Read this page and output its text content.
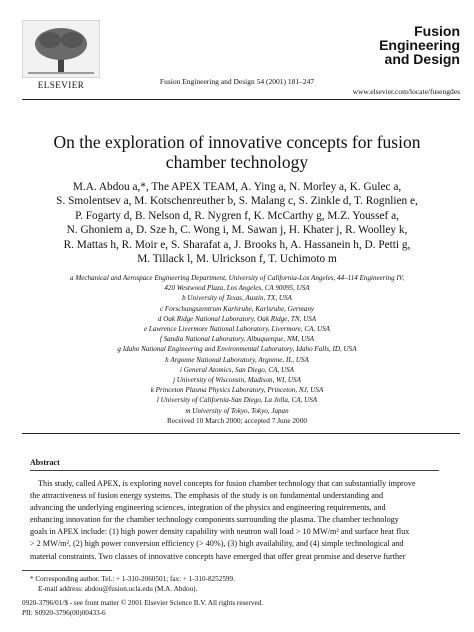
ELSEVIER	Fusion Engineering and Design 54 (2001) 181–247
Fusion
Engineering
and Design
www.elsevier.com/locate/fusengdes
On the exploration of innovative concepts for fusion
chamber technology
M.A. Abdou a,*, The APEX TEAM, A. Ying a, N. Morley a, K. Gulec a,
S. Smolentsev a, M. Kotschenreuther b, S. Malang c, S. Zinkle d, T. Rognlien e,
P. Fogarty d, B. Nelson d, R. Nygren f, K. McCarthy g, M.Z. Youssef a,
N. Ghoniem a, D. Sze h, C. Wong i, M. Sawan j, H. Khater j, R. Woolley k,
R. Mattas h, R. Moir e, S. Sharafat a, J. Brooks h, A. Hassanein h, D. Petti g,
M. Tillack l, M. Ulrickson f, T. Uchimoto m
a Mechanical and Aerospace Engineering Department, University of California-Los Angeles, 44–114 Engineering IV,
420 Westwood Plaza, Los Angeles, CA 90095, USA
b University of Texas, Austin, TX, USA
c Forschungszentrum Karlsruhe, Karlsruhe, Germany
d Oak Ridge National Laboratory, Oak Ridge, TN, USA
e Lawrence Livermore National Laboratory, Livermore, CA, USA
f Sandia National Laboratory, Albuquerque, NM, USA
g Idaho National Engineering and Environmental Laboratory, Idaho Falls, ID, USA
h Argonne National Laboratory, Argonne, IL, USA
i General Atomics, San Diego, CA, USA
j University of Wisconsin, Madison, WI, USA
k Princeton Plasma Physics Laboratory, Princeton, NJ, USA
l University of California-San Diego, La Jolla, CA, USA
m University of Tokyo, Tokyo, Japan
Received 10 March 2000; accepted 7 June 2000
Abstract
This study, called APEX, is exploring novel concepts for fusion chamber technology that can substantially improve
the attractiveness of fusion energy systems. The emphasis of the study is on fundamental understanding and
advancing the underlying engineering sciences, integration of the physics and engineering requirements, and
enhancing innovation for the chamber technology components surrounding the plasma. The chamber technology
goals in APEX include: (1) high power density capability with neutron wall load > 10 MW/m² and surface heat flux
> 2 MW/m², (2) high power conversion efficiency (> 40%), (3) high availability, and (4) simple technological and
material constraints. Two classes of innovative concepts have emerged that offer great promise and deserve further
* Corresponding author. Tel.: + 1-310-2060501; fax: + 1-310-8252599.
E-mail address: abdou@fusion.ucla.edu (M.A. Abdou).
0920-3796/01/$ - see front matter © 2001 Elsevier Science B.V. All rights reserved.
PII: S0920-3796(00)00433-6
